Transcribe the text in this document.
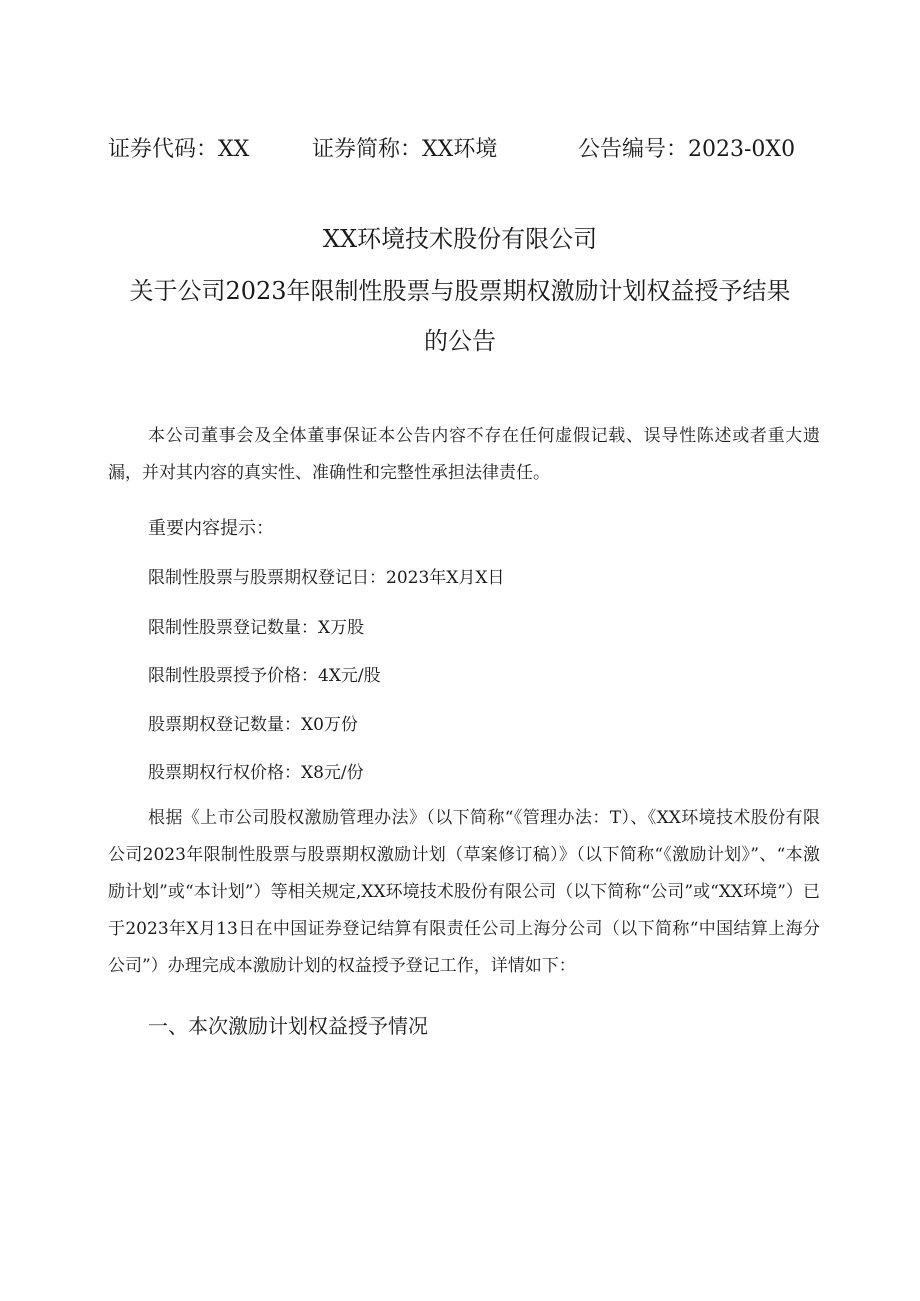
证券代码：XX	证券简称：XX环境	公告编号：2023-0X0
XX环境技术股份有限公司
关于公司2023年限制性股票与股票期权激励计划权益授予结果
的公告
本公司董事会及全体董事保证本公告内容不存在任何虚假记载、误导性陈述或者重大遗漏，并对其内容的真实性、准确性和完整性承担法律责任。
重要内容提示：
限制性股票与股票期权登记日：2023年X月X日
限制性股票登记数量：X万股
限制性股票授予价格：4X元/股
股票期权登记数量：X0万份
股票期权行权价格：X8元/份
根据《上市公司股权激励管理办法》（以下简称“《管理办法：T）、《XX环境技术股份有限公司2023年限制性股票与股票期权激励计划（草案修订稿）》（以下简称“《激励计划》”、“本激励计划”或“本计划”）等相关规定,XX环境技术股份有限公司（以下简称“公司”或“XX环境”）已于2023年X月13日在中国证券登记结算有限责任公司上海分公司（以下简称“中国结算上海分公司”）办理完成本激励计划的权益授予登记工作，详情如下：
一、本次激励计划权益授予情况
